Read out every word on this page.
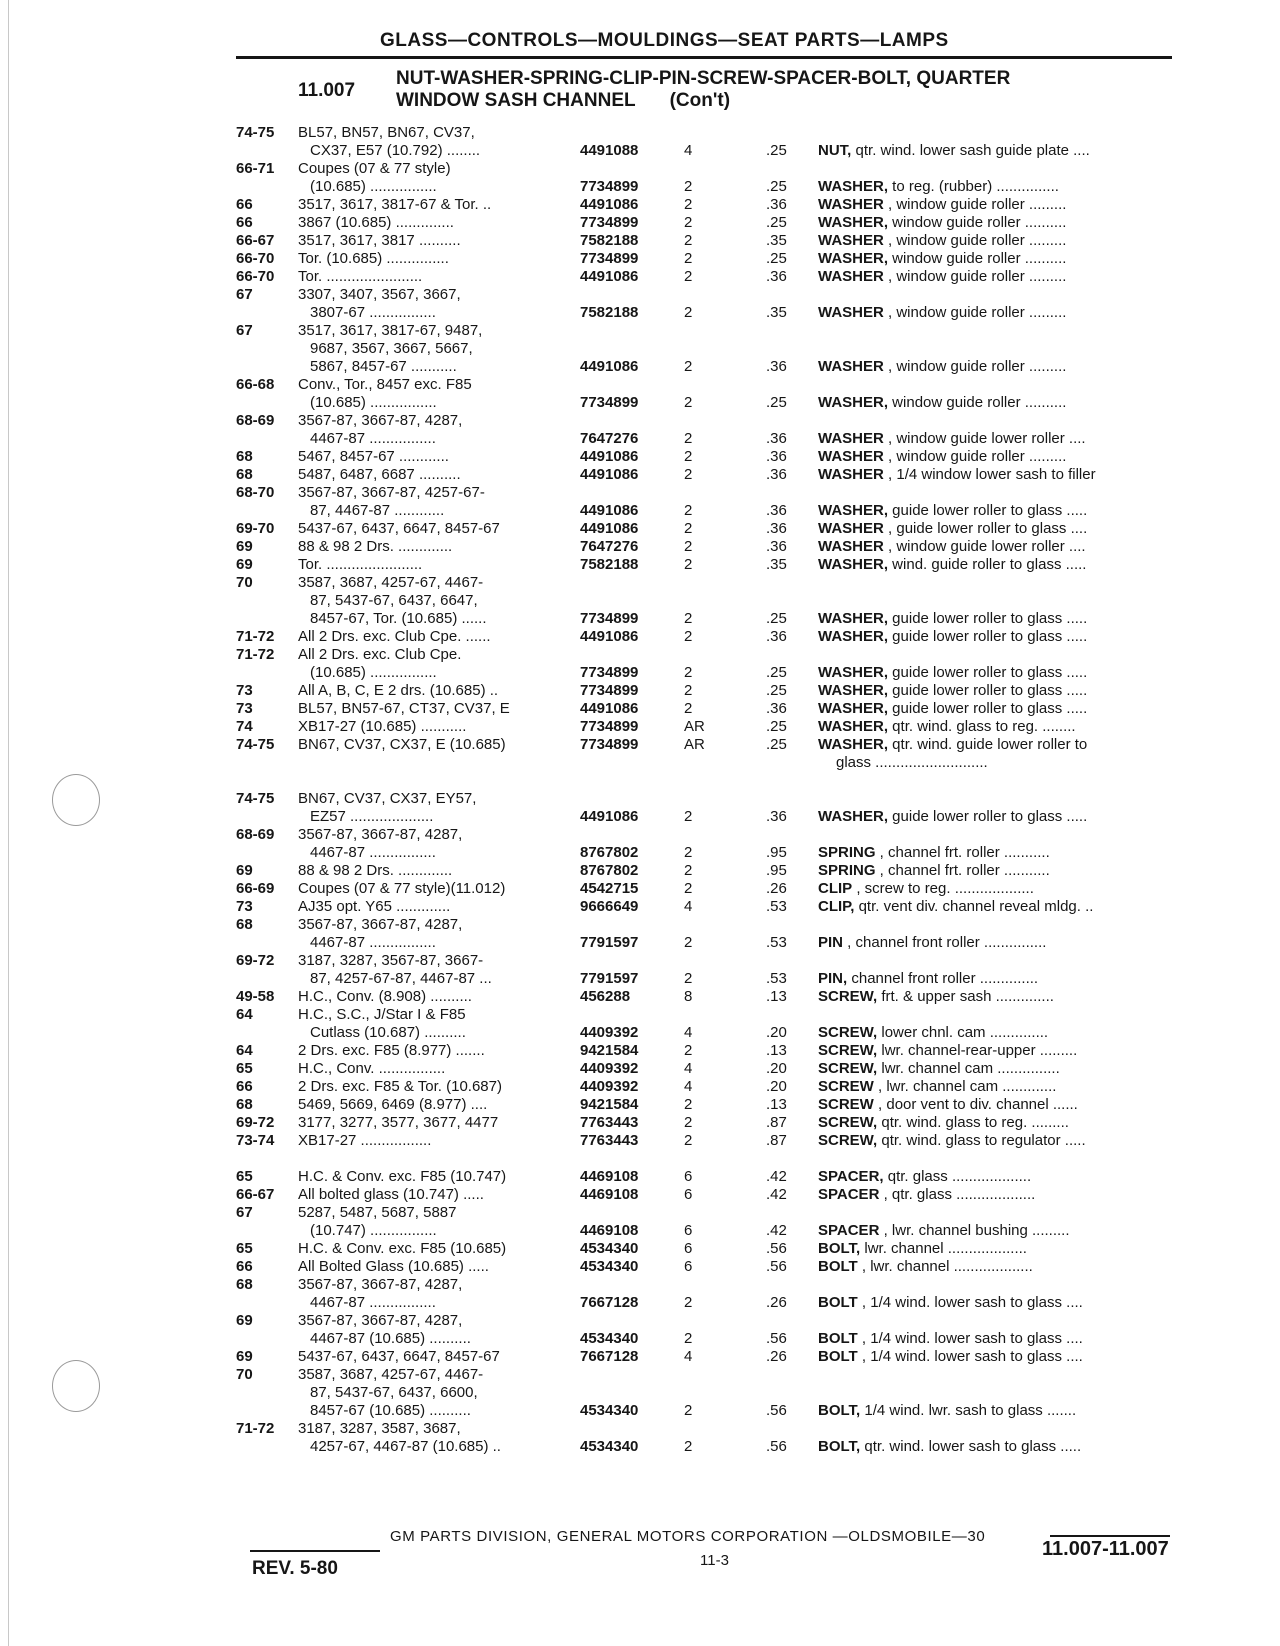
GLASS—CONTROLS—MOULDINGS—SEAT PARTS—LAMPS
11.007
NUT-WASHER-SPRING-CLIP-PIN-SCREW-SPACER-BOLT, QUARTER
WINDOW SASH CHANNEL (Con't)
74-75	BL57, BN57, BN67, CV37,
CX37, E57 (10.792) ........	4491088	4	.25	NUT, qtr. wind. lower sash guide plate ....
66-71	Coupes (07 & 77 style)
(10.685) ................	7734899	2	.25	WASHER, to reg. (rubber) ...............
66	3517, 3617, 3817-67 & Tor. ..	4491086	2	.36	WASHER , window guide roller .........
66	3867 (10.685) ..............	7734899	2	.25	WASHER, window guide roller ..........
66-67	3517, 3617, 3817 ..........	7582188	2	.35	WASHER , window guide roller .........
66-70	Tor. (10.685) ...............	7734899	2	.25	WASHER, window guide roller ..........
66-70	Tor. .......................	4491086	2	.36	WASHER , window guide roller .........
67	3307, 3407, 3567, 3667,
3807-67 ................	7582188	2	.35	WASHER , window guide roller .........
67	3517, 3617, 3817-67, 9487,
9687, 3567, 3667, 5667,
5867, 8457-67 ...........	4491086	2	.36	WASHER , window guide roller .........
66-68	Conv., Tor., 8457 exc. F85
(10.685) ................	7734899	2	.25	WASHER, window guide roller ..........
68-69	3567-87, 3667-87, 4287,
4467-87 ................	7647276	2	.36	WASHER , window guide lower roller ....
68	5467, 8457-67 ............	4491086	2	.36	WASHER , window guide roller .........
68	5487, 6487, 6687 ..........	4491086	2	.36	WASHER , 1/4 window lower sash to filler
68-70	3567-87, 3667-87, 4257-67-
87, 4467-87 ............	4491086	2	.36	WASHER, guide lower roller to glass .....
69-70	5437-67, 6437, 6647, 8457-67	4491086	2	.36	WASHER , guide lower roller to glass ....
69	88 & 98 2 Drs. .............	7647276	2	.36	WASHER , window guide lower roller ....
69	Tor. .......................	7582188	2	.35	WASHER, wind. guide roller to glass .....
70	3587, 3687, 4257-67, 4467-
87, 5437-67, 6437, 6647,
8457-67, Tor. (10.685) ......	7734899	2	.25	WASHER, guide lower roller to glass .....
71-72	All 2 Drs. exc. Club Cpe. ......	4491086	2	.36	WASHER, guide lower roller to glass .....
71-72	All 2 Drs. exc. Club Cpe.
(10.685) ................	7734899	2	.25	WASHER, guide lower roller to glass .....
73	All A, B, C, E 2 drs. (10.685) ..	7734899	2	.25	WASHER, guide lower roller to glass .....
73	BL57, BN57-67, CT37, CV37, E	4491086	2	.36	WASHER, guide lower roller to glass .....
74	XB17-27 (10.685) ...........	7734899	AR	.25	WASHER, qtr. wind. glass to reg. ........
74-75	BN67, CV37, CX37, E (10.685)	7734899	AR	.25	WASHER, qtr. wind. guide lower roller to
glass ...........................
74-75	BN67, CV37, CX37, EY57,
EZ57 ....................	4491086	2	.36	WASHER, guide lower roller to glass .....
68-69	3567-87, 3667-87, 4287,
4467-87 ................	8767802	2	.95	SPRING , channel frt. roller ...........
69	88 & 98 2 Drs. .............	8767802	2	.95	SPRING , channel frt. roller ...........
66-69	Coupes (07 & 77 style)(11.012)	4542715	2	.26	CLIP , screw to reg. ...................
73	AJ35 opt. Y65 .............	9666649	4	.53	CLIP, qtr. vent div. channel reveal mldg. ..
68	3567-87, 3667-87, 4287,
4467-87 ................	7791597	2	.53	PIN , channel front roller ...............
69-72	3187, 3287, 3567-87, 3667-
87, 4257-67-87, 4467-87 ...	7791597	2	.53	PIN, channel front roller ..............
49-58	H.C., Conv. (8.908) ..........	456288	8	.13	SCREW, frt. & upper sash ..............
64	H.C., S.C., J/Star I & F85
Cutlass (10.687) ..........	4409392	4	.20	SCREW, lower chnl. cam ..............
64	2 Drs. exc. F85 (8.977) .......	9421584	2	.13	SCREW, lwr. channel-rear-upper .........
65	H.C., Conv. ................	4409392	4	.20	SCREW, lwr. channel cam ...............
66	2 Drs. exc. F85 & Tor. (10.687)	4409392	4	.20	SCREW , lwr. channel cam .............
68	5469, 5669, 6469 (8.977) ....	9421584	2	.13	SCREW , door vent to div. channel ......
69-72	3177, 3277, 3577, 3677, 4477	7763443	2	.87	SCREW, qtr. wind. glass to reg. .........
73-74	XB17-27 .................	7763443	2	.87	SCREW, qtr. wind. glass to regulator .....
65	H.C. & Conv. exc. F85 (10.747)	4469108	6	.42	SPACER, qtr. glass ...................
66-67	All bolted glass (10.747) .....	4469108	6	.42	SPACER , qtr. glass ...................
67	5287, 5487, 5687, 5887
(10.747) ................	4469108	6	.42	SPACER , lwr. channel bushing .........
65	H.C. & Conv. exc. F85 (10.685)	4534340	6	.56	BOLT, lwr. channel ...................
66	All Bolted Glass (10.685) .....	4534340	6	.56	BOLT , lwr. channel ...................
68	3567-87, 3667-87, 4287,
4467-87 ................	7667128	2	.26	BOLT , 1/4 wind. lower sash to glass ....
69	3567-87, 3667-87, 4287,
4467-87 (10.685) ..........	4534340	2	.56	BOLT , 1/4 wind. lower sash to glass ....
69	5437-67, 6437, 6647, 8457-67	7667128	4	.26	BOLT , 1/4 wind. lower sash to glass ....
70	3587, 3687, 4257-67, 4467-
87, 5437-67, 6437, 6600,
8457-67 (10.685) ..........	4534340	2	.56	BOLT, 1/4 wind. lwr. sash to glass .......
71-72	3187, 3287, 3587, 3687,
4257-67, 4467-87 (10.685) ..	4534340	2	.56	BOLT, qtr. wind. lower sash to glass .....
GM PARTS DIVISION, GENERAL MOTORS CORPORATION —OLDSMOBILE—30
REV. 5-80	11-3
11.007-11.007
